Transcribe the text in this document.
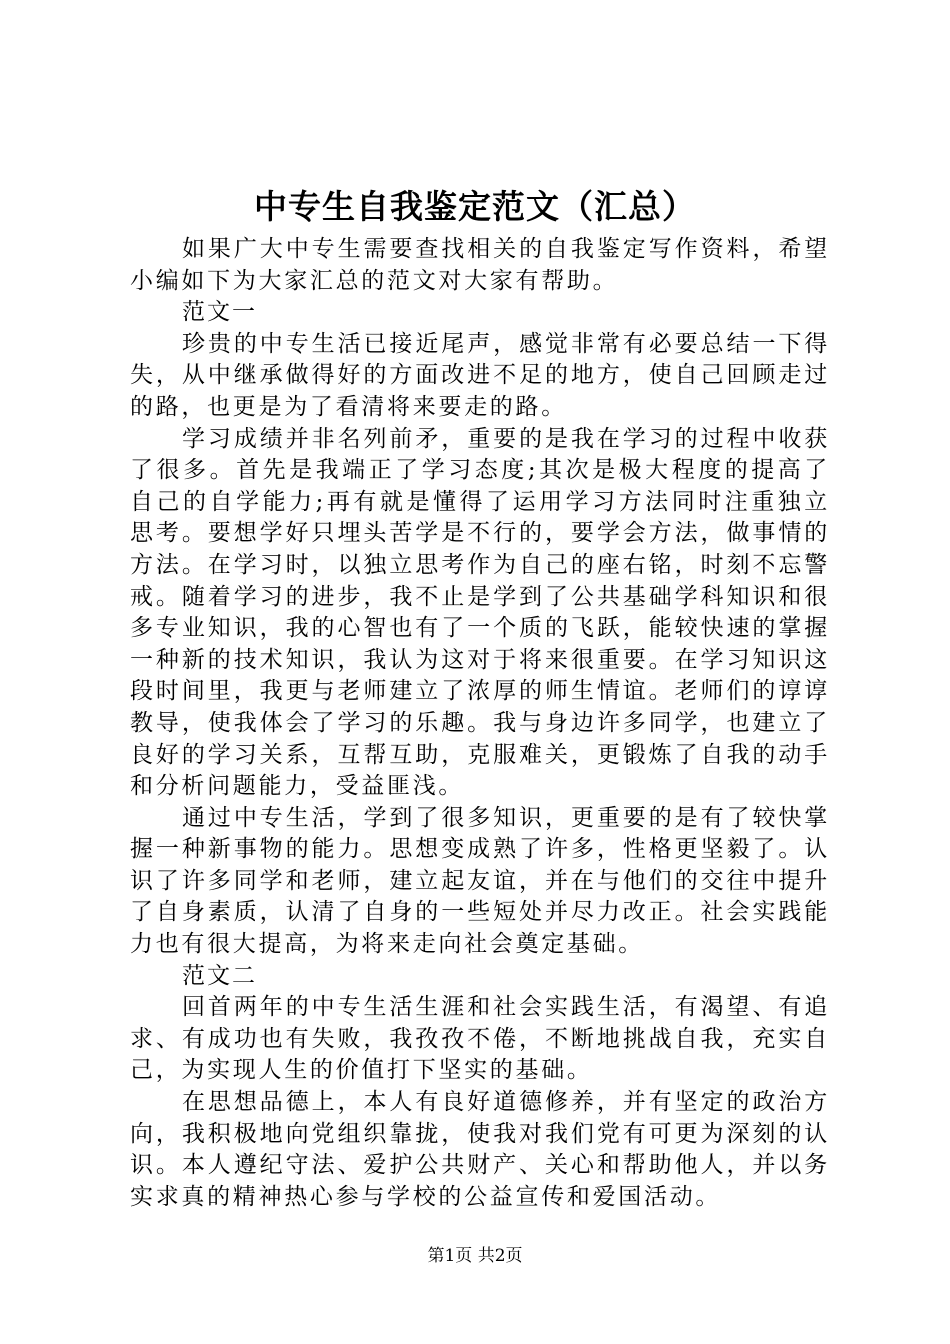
中专生自我鉴定范文（汇总）

如果广大中专生需要查找相关的自我鉴定写作资料，希望小编如下为大家汇总的范文对大家有帮助。

范文一

珍贵的中专生活已接近尾声，感觉非常有必要总结一下得失，从中继承做得好的方面改进不足的地方，使自己回顾走过的路，也更是为了看清将来要走的路。

学习成绩并非名列前矛，重要的是我在学习的过程中收获了很多。首先是我端正了学习态度;其次是极大程度的提高了自己的自学能力;再有就是懂得了运用学习方法同时注重独立思考。要想学好只埋头苦学是不行的，要学会方法，做事情的方法。在学习时，以独立思考作为自己的座右铭，时刻不忘警戒。随着学习的进步，我不止是学到了公共基础学科知识和很多专业知识，我的心智也有了一个质的飞跃，能较快速的掌握一种新的技术知识，我认为这对于将来很重要。在学习知识这段时间里，我更与老师建立了浓厚的师生情谊。老师们的谆谆教导，使我体会了学习的乐趣。我与身边许多同学，也建立了良好的学习关系，互帮互助，克服难关，更锻炼了自我的动手和分析问题能力，受益匪浅。

通过中专生活，学到了很多知识，更重要的是有了较快掌握一种新事物的能力。思想变成熟了许多，性格更坚毅了。认识了许多同学和老师，建立起友谊，并在与他们的交往中提升了自身素质，认清了自身的一些短处并尽力改正。社会实践能力也有很大提高，为将来走向社会奠定基础。

范文二

回首两年的中专生活生涯和社会实践生活，有渴望、有追求、有成功也有失败，我孜孜不倦，不断地挑战自我，充实自己，为实现人生的价值打下坚实的基础。

在思想品德上，本人有良好道德修养，并有坚定的政治方向，我积极地向党组织靠拢，使我对我们党有可更为深刻的认识。本人遵纪守法、爱护公共财产、关心和帮助他人，并以务实求真的精神热心参与学校的公益宣传和爱国活动。

第1页 共2页
